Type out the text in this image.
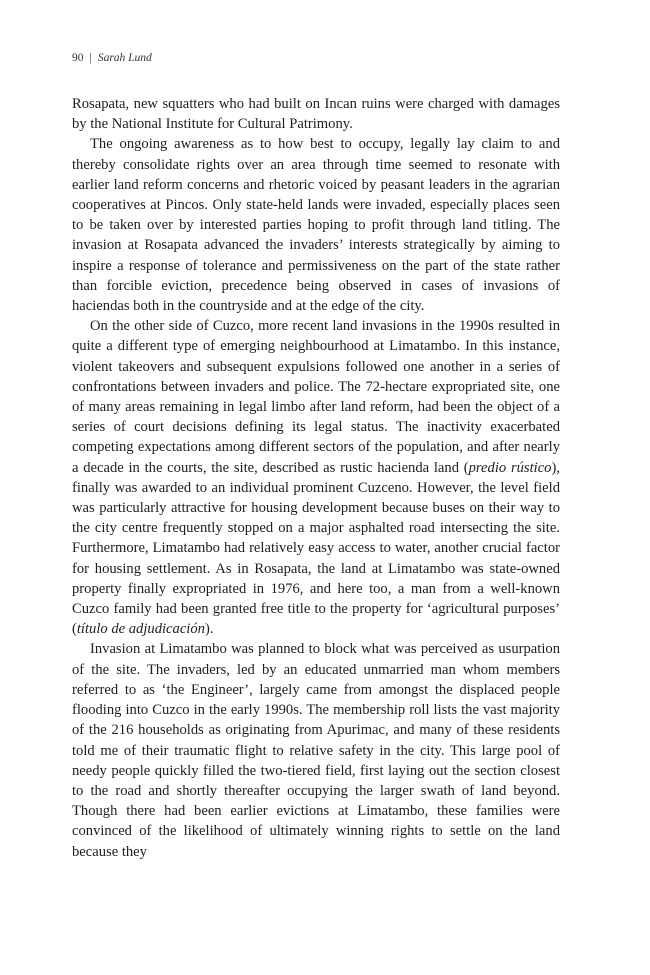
90 | Sarah Lund

Rosapata, new squatters who had built on Incan ruins were charged with damages by the National Institute for Cultural Patrimony.

The ongoing awareness as to how best to occupy, legally lay claim to and thereby consolidate rights over an area through time seemed to resonate with earlier land reform concerns and rhetoric voiced by peasant leaders in the agrarian cooperatives at Pincos. Only state-held lands were invaded, especially places seen to be taken over by interested parties hoping to profit through land titling. The invasion at Rosapata advanced the invaders’ interests strategically by aiming to inspire a response of tolerance and permissiveness on the part of the state rather than forcible eviction, precedence being observed in cases of invasions of haciendas both in the countryside and at the edge of the city.

On the other side of Cuzco, more recent land invasions in the 1990s resulted in quite a different type of emerging neighbourhood at Limatambo. In this instance, violent takeovers and subsequent expulsions followed one another in a series of confrontations between invaders and police. The 72-hectare expropriated site, one of many areas remaining in legal limbo after land reform, had been the object of a series of court decisions defining its legal status. The inactivity exacerbated competing expectations among different sectors of the population, and after nearly a decade in the courts, the site, described as rustic hacienda land (predio rústico), finally was awarded to an individual prominent Cuzceno. However, the level field was particularly attractive for housing development because buses on their way to the city centre frequently stopped on a major asphalted road intersecting the site. Furthermore, Limatambo had relatively easy access to water, another crucial factor for housing settlement. As in Rosapata, the land at Limatambo was state-owned property finally expropriated in 1976, and here too, a man from a well-known Cuzco family had been granted free title to the property for ‘agricultural purposes’ (título de adjudicación).

Invasion at Limatambo was planned to block what was perceived as usurpation of the site. The invaders, led by an educated unmarried man whom members referred to as ‘the Engineer’, largely came from amongst the displaced people flooding into Cuzco in the early 1990s. The membership roll lists the vast majority of the 216 households as originating from Apurimac, and many of these residents told me of their traumatic flight to relative safety in the city. This large pool of needy people quickly filled the two-tiered field, first laying out the section closest to the road and shortly thereafter occupying the larger swath of land beyond. Though there had been earlier evictions at Limatambo, these families were convinced of the likelihood of ultimately winning rights to settle on the land because they
